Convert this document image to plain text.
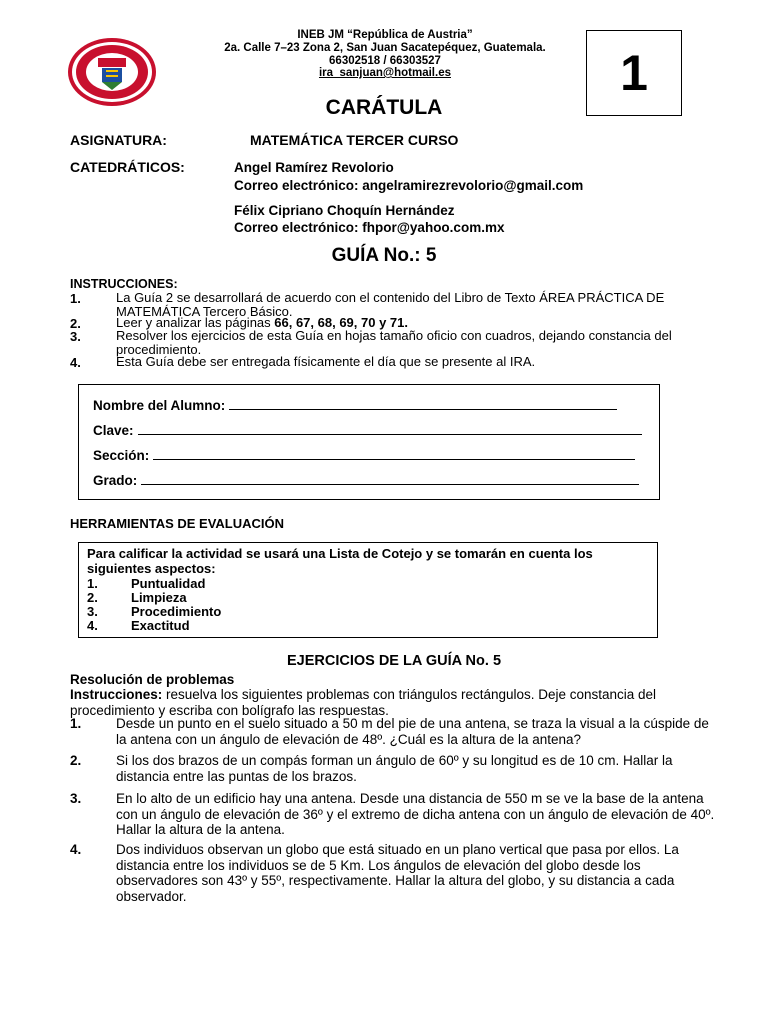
INEB JM “República de Austria”
2a. Calle 7–23 Zona 2, San Juan Sacatepéquez, Guatemala.
66302518 / 66303527
ira_sanjuan@hotmail.es	1
CARÁTULA
ASIGNATURA:	MATEMÁTICA TERCER CURSO
CATEDRÁTICOS:	Angel Ramírez Revolorio
Correo electrónico: angelramirezrevolorio@gmail.com
Félix Cipriano Choquín Hernández
Correo electrónico: fhpor@yahoo.com.mx
GUÍA No.: 5
INSTRUCCIONES:
1.	La Guía 2 se desarrollará de acuerdo con el contenido del Libro de Texto ÁREA PRÁCTICA DE MATEMÁTICA Tercero Básico.
2.	Leer y analizar las páginas 66, 67, 68, 69, 70 y 71.
3.	Resolver los ejercicios de esta Guía en hojas tamaño oficio con cuadros, dejando constancia del procedimiento.
4.	Esta Guía debe ser entregada físicamente el día que se presente al IRA.
Nombre del Alumno:
Clave:
Sección:
Grado:
HERRAMIENTAS DE EVALUACIÓN
Para calificar la actividad se usará una Lista de Cotejo y se tomarán en cuenta los siguientes aspectos:
1.	Puntualidad
2.	Limpieza
3.	Procedimiento
4.	Exactitud
EJERCICIOS DE LA GUÍA No. 5
Resolución de problemas
Instrucciones: resuelva los siguientes problemas con triángulos rectángulos. Deje constancia del procedimiento y escriba con bolígrafo las respuestas.
1.	Desde un punto en el suelo situado a 50 m del pie de una antena, se traza la visual a la cúspide de la antena con un ángulo de elevación de 48º. ¿Cuál es la altura de la antena?
2.	Si los dos brazos de un compás forman un ángulo de 60º y su longitud es de 10 cm. Hallar la distancia entre las puntas de los brazos.
3.	En lo alto de un edificio hay una antena. Desde una distancia de 550 m se ve la base de la antena con un ángulo de elevación de 36º y el extremo de dicha antena con un ángulo de elevación de 40º. Hallar la altura de la antena.
4.	Dos individuos observan un globo que está situado en un plano vertical que pasa por ellos. La distancia entre los individuos se de 5 Km. Los ángulos de elevación del globo desde los observadores son 43º y 55º, respectivamente. Hallar la altura del globo, y su distancia a cada observador.
